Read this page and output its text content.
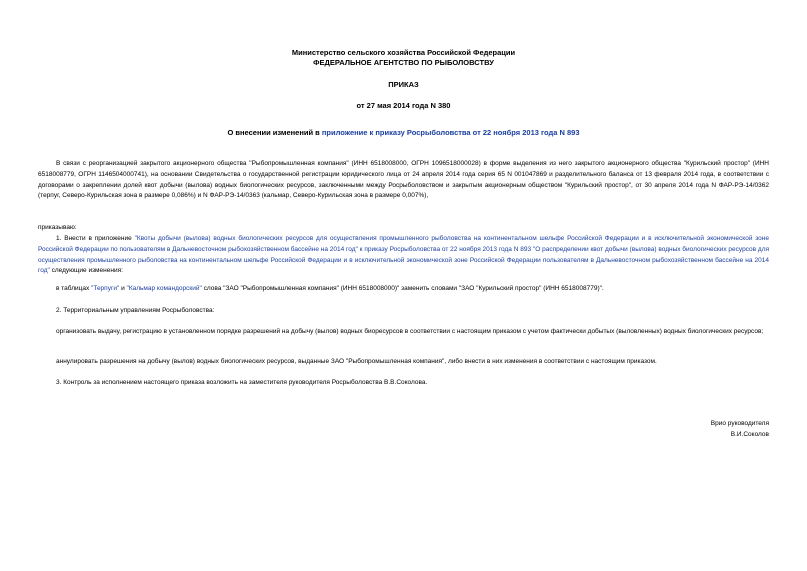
Министерство сельского хозяйства Российской Федерации
ФЕДЕРАЛЬНОЕ АГЕНТСТВО ПО РЫБОЛОВСТВУ
ПРИКАЗ
от 27 мая 2014 года N 380
О внесении изменений в приложение к приказу Росрыболовства от 22 ноября 2013 года N 893
В связи с реорганизацией закрытого акционерного общества "Рыбопромышленная компания" (ИНН 6518008000, ОГРН 1096518000028) в форме выделения из него закрытого акционерного общества "Курильский простор" (ИНН 6518008779, ОГРН 1146504000741), на основании Свидетельства о государственной регистрации юридического лица от 24 апреля 2014 года серия 65 N 001047869 и разделительного баланса от 13 февраля 2014 года, в соответствии с договорами о закреплении долей квот добычи (вылова) водных биологических ресурсов, заключенными между Росрыболовством и закрытым акционерным обществом "Курильский простор", от 30 апреля 2014 года N ФАР-РЭ-14/0362 (терпуг, Северо-Курильская зона в размере 0,086%) и N ФАР-РЭ-14/0363 (кальмар, Северо-Курильская зона в размере 0,007%),
приказываю:
1. Внести в приложение "Квоты добычи (вылова) водных биологических ресурсов для осуществления промышленного рыболовства на континентальном шельфе Российской Федерации и в исключительной экономической зоне Российской Федерации по пользователям в Дальневосточном рыбохозяйственном бассейне на 2014 год" к приказу Росрыболовства от 22 ноября 2013 года N 893 "О распределении квот добычи (вылова) водных биологических ресурсов для осуществления промышленного рыболовства на континентальном шельфе Российской Федерации и в исключительной экономической зоне Российской Федерации пользователям в Дальневосточном рыбохозяйственном бассейне на 2014 год" следующие изменения:
в таблицах "Терпуги" и "Кальмар командорский" слова "ЗАО "Рыбопромышленная компания" (ИНН 6518008000)" заменить словами "ЗАО "Курильский простор" (ИНН 6518008779)".
2. Территориальным управлениям Росрыболовства:
организовать выдачу, регистрацию в установленном порядке разрешений на добычу (вылов) водных биоресурсов в соответствии с настоящим приказом с учетом фактически добытых (выловленных) водных биологических ресурсов;
аннулировать разрешения на добычу (вылов) водных биологических ресурсов, выданные ЗАО "Рыбопромышленная компания", либо внести в них изменения в соответствии с настоящим приказом.
3. Контроль за исполнением настоящего приказа возложить на заместителя руководителя Росрыболовства В.В.Соколова.
Врио руководителя
В.И.Соколов
